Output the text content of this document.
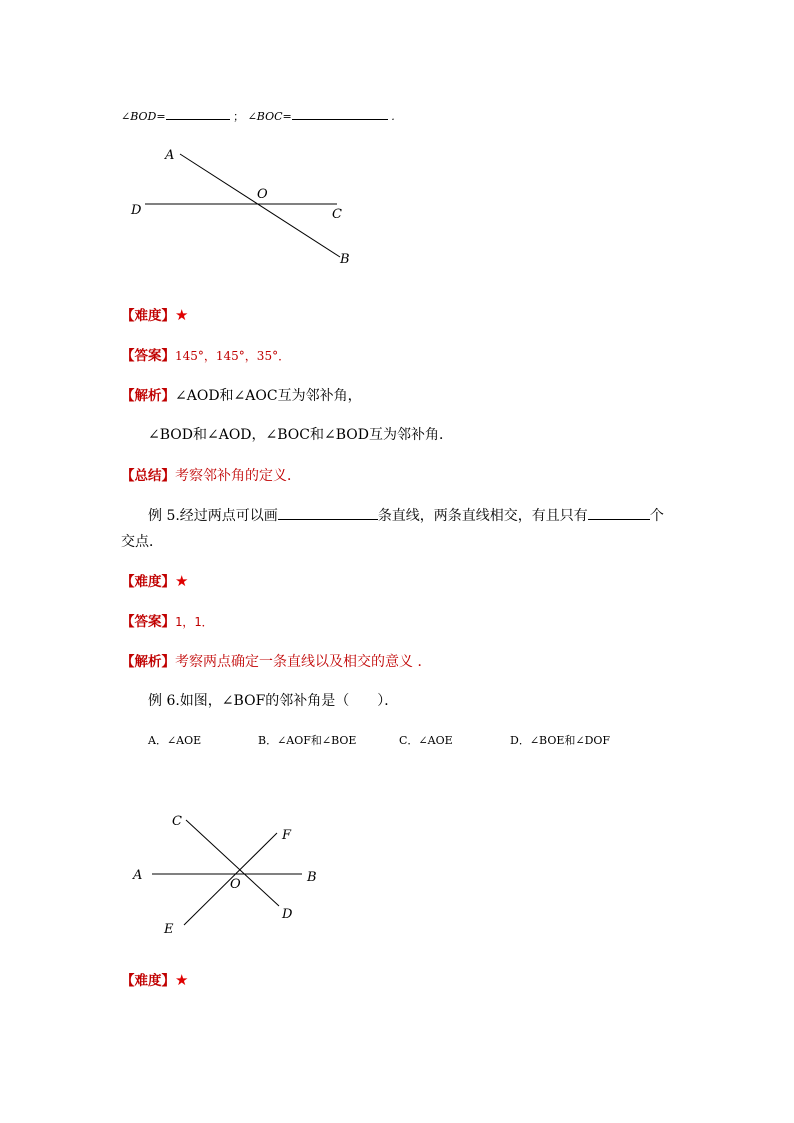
∠BOD=	； ∠BOC=	.
A
O
D	C
B
【难度】★
【答案】145°，145°，35°．
【解析】∠AOD和∠AOC互为邻补角，
∠BOD和∠AOD，∠BOC和∠BOD互为邻补角．
【总结】考察邻补角的定义．
例 5.经过两点可以画	条直线，两条直线相交，有且只有	个
交点．
【难度】★
【答案】1，1．
【解析】考察两点确定一条直线以及相交的意义 ．
例 6.如图，∠BOF的邻补角是（　　）．
A．∠AOE	B．∠AOF和∠BOE	C．∠AOE	D．∠BOE和∠DOF
C
F
A
O	B
E
D
【难度】★
